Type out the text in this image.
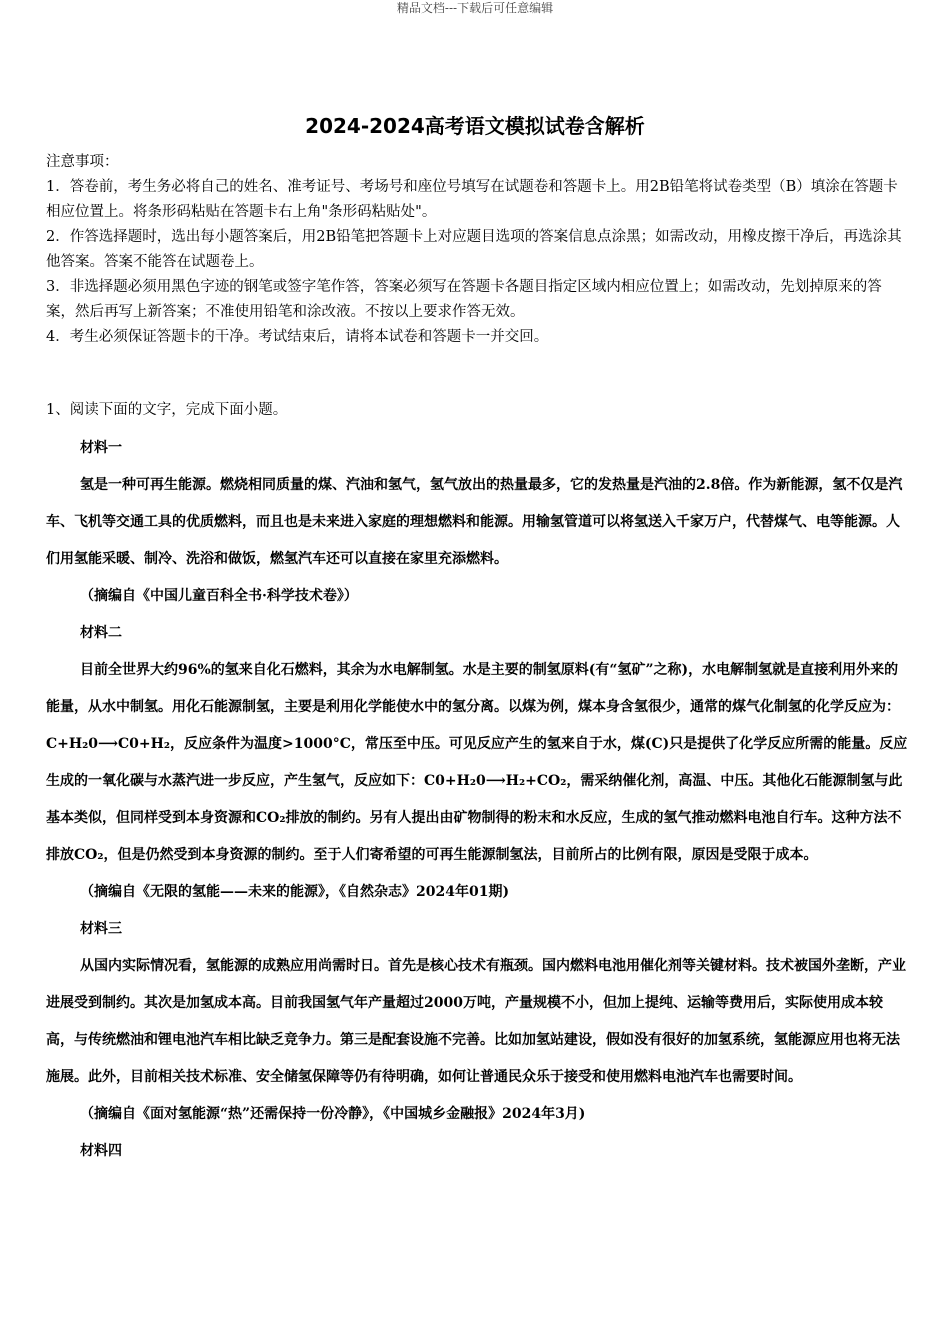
精品文档---下载后可任意编辑
2024-2024高考语文模拟试卷含解析

注意事项：

1．答卷前，考生务必将自己的姓名、准考证号、考场号和座位号填写在试题卷和答题卡上。用2B铅笔将试卷类型（B）填涂在答题卡相应位置上。将条形码粘贴在答题卡右上角"条形码粘贴处"。

2．作答选择题时，选出每小题答案后，用2B铅笔把答题卡上对应题目选项的答案信息点涂黑；如需改动，用橡皮擦干净后，再选涂其他答案。答案不能答在试题卷上。

3．非选择题必须用黑色字迹的钢笔或签字笔作答，答案必须写在答题卡各题目指定区域内相应位置上；如需改动，先划掉原来的答案，然后再写上新答案；不准使用铅笔和涂改液。不按以上要求作答无效。

4．考生必须保证答题卡的干净。考试结束后，请将本试卷和答题卡一并交回。

1、阅读下面的文字，完成下面小题。

材料一

氢是一种可再生能源。燃烧相同质量的煤、汽油和氢气，氢气放出的热量最多，它的发热量是汽油的2.8倍。作为新能源，氢不仅是汽车、飞机等交通工具的优质燃料，而且也是未来进入家庭的理想燃料和能源。用输氢管道可以将氢送入千家万户，代替煤气、电等能源。人们用氢能采暖、制冷、洗浴和做饭，燃氢汽车还可以直接在家里充添燃料。

（摘编自《中国儿童百科全书·科学技术卷》）

材料二

目前全世界大约96%的氢来自化石燃料，其余为水电解制氢。水是主要的制氢原料(有“氢矿”之称)，水电解制氢就是直接利用外来的能量，从水中制氢。用化石能源制氢，主要是利用化学能使水中的氢分离。以煤为例，煤本身含氢很少，通常的煤气化制氢的化学反应为：C+H₂0⟶C0+H₂，反应条件为温度>1000°C，常压至中压。可见反应产生的氢来自于水，煤(C)只是提供了化学反应所需的能量。反应生成的一氧化碳与水蒸汽进一步反应，产生氢气，反应如下：C0+H₂0⟶H₂+CO₂，需采纳催化剂，高温、中压。其他化石能源制氢与此基本类似，但同样受到本身资源和CO₂排放的制约。另有人提出由矿物制得的粉末和水反应，生成的氢气推动燃料电池自行车。这种方法不排放CO₂，但是仍然受到本身资源的制约。至于人们寄希望的可再生能源制氢法，目前所占的比例有限，原因是受限于成本。

（摘编自《无限的氢能——未来的能源》，《自然杂志》2024年01期)

材料三

从国内实际情况看，氢能源的成熟应用尚需时日。首先是核心技术有瓶颈。国内燃料电池用催化剂等关键材料。技术被国外垄断，产业进展受到制约。其次是加氢成本高。目前我国氢气年产量超过2000万吨，产量规模不小，但加上提纯、运输等费用后，实际使用成本较高，与传统燃油和锂电池汽车相比缺乏竞争力。第三是配套设施不完善。比如加氢站建设，假如没有很好的加氢系统，氢能源应用也将无法施展。此外，目前相关技术标准、安全储氢保障等仍有待明确，如何让普通民众乐于接受和使用燃料电池汽车也需要时间。

（摘编自《面对氢能源“热”还需保持一份冷静》，《中国城乡金融报》2024年3月)

材料四
